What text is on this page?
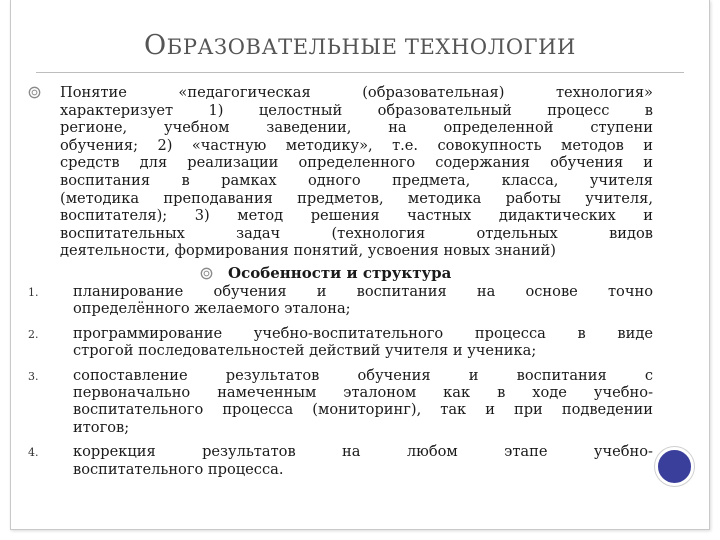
ОБРАЗОВАТЕЛЬНЫЕ ТЕХНОЛОГИИ
Понятие «педагогическая (образовательная) технология»
характеризует 1) целостный образовательный процесс в
регионе, учебном заведении, на определенной ступени
обучения; 2) «частную методику», т.е. совокупность методов и
средств для реализации определенного содержания обучения и
воспитания в рамках одного предмета, класса, учителя
(методика преподавания предметов, методика работы учителя,
воспитателя); 3) метод решения частных дидактических и
воспитательных задач (технология отдельных видов
деятельности, формирования понятий, усвоения новых знаний)
Особенности и структура
1. планирование обучения и воспитания на основе точно
определённого желаемого эталона;
2. программирование учебно-воспитательного процесса в виде
строгой последовательностей действий учителя и ученика;
3. сопоставление результатов обучения и воспитания с
первоначально намеченным эталоном как в ходе учебно-
воспитательного процесса (мониторинг), так и при подведении
итогов;
4. коррекция результатов на любом этапе учебно-
воспитательного процесса.
